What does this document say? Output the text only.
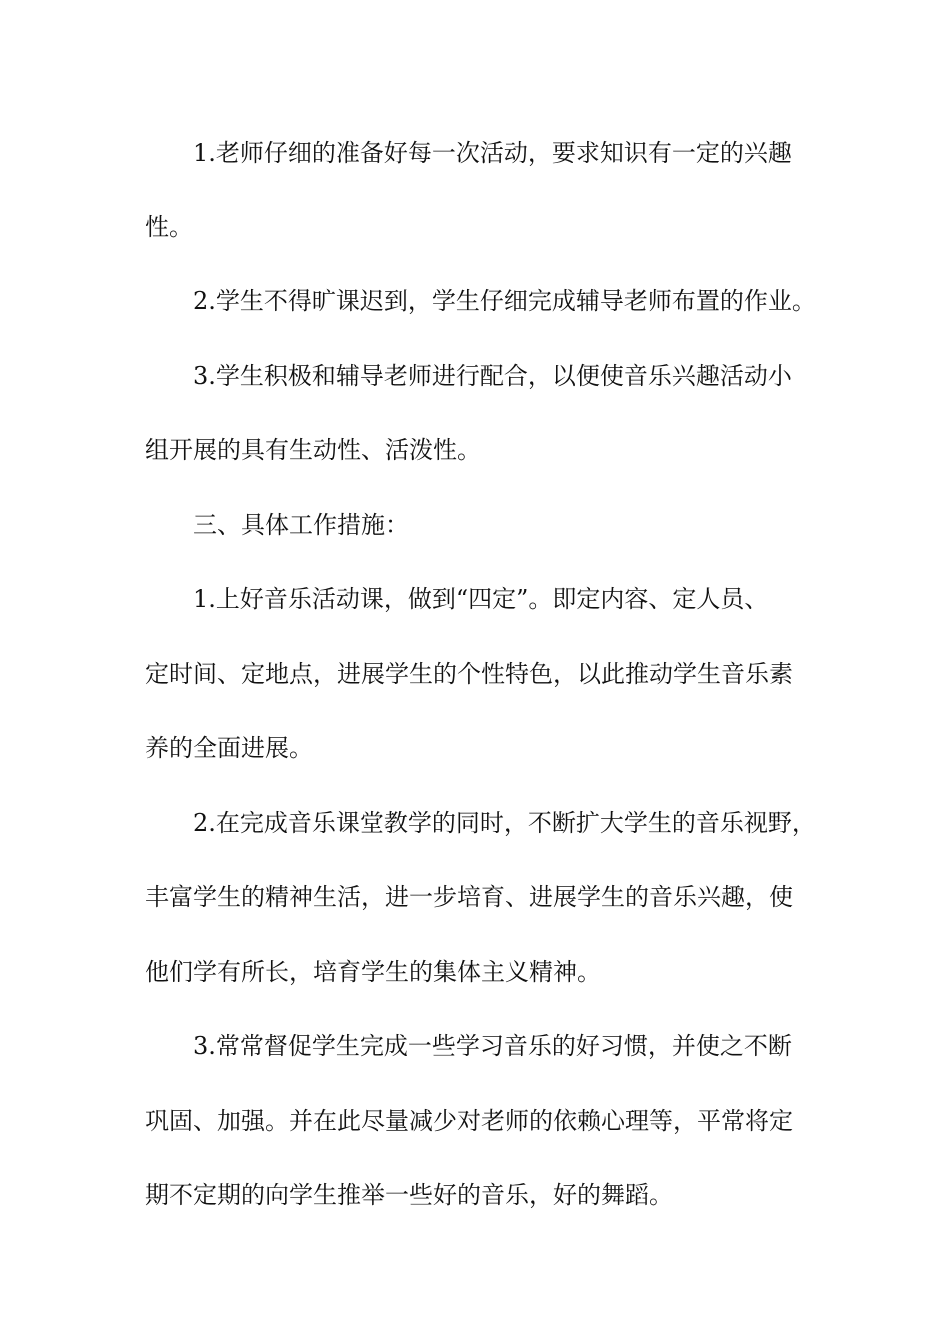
1.老师仔细的准备好每一次活动，要求知识有一定的兴趣
性。
2.学生不得旷课迟到，学生仔细完成辅导老师布置的作业。
3.学生积极和辅导老师进行配合，以便使音乐兴趣活动小
组开展的具有生动性、活泼性。
三、具体工作措施：
1.上好音乐活动课，做到“四定”。即定内容、定人员、
定时间、定地点，进展学生的个性特色，以此推动学生音乐素
养的全面进展。
2.在完成音乐课堂教学的同时，不断扩大学生的音乐视野，
丰富学生的精神生活，进一步培育、进展学生的音乐兴趣，使
他们学有所长，培育学生的集体主义精神。
3.常常督促学生完成一些学习音乐的好习惯，并使之不断
巩固、加强。并在此尽量减少对老师的依赖心理等，平常将定
期不定期的向学生推举一些好的音乐，好的舞蹈。
